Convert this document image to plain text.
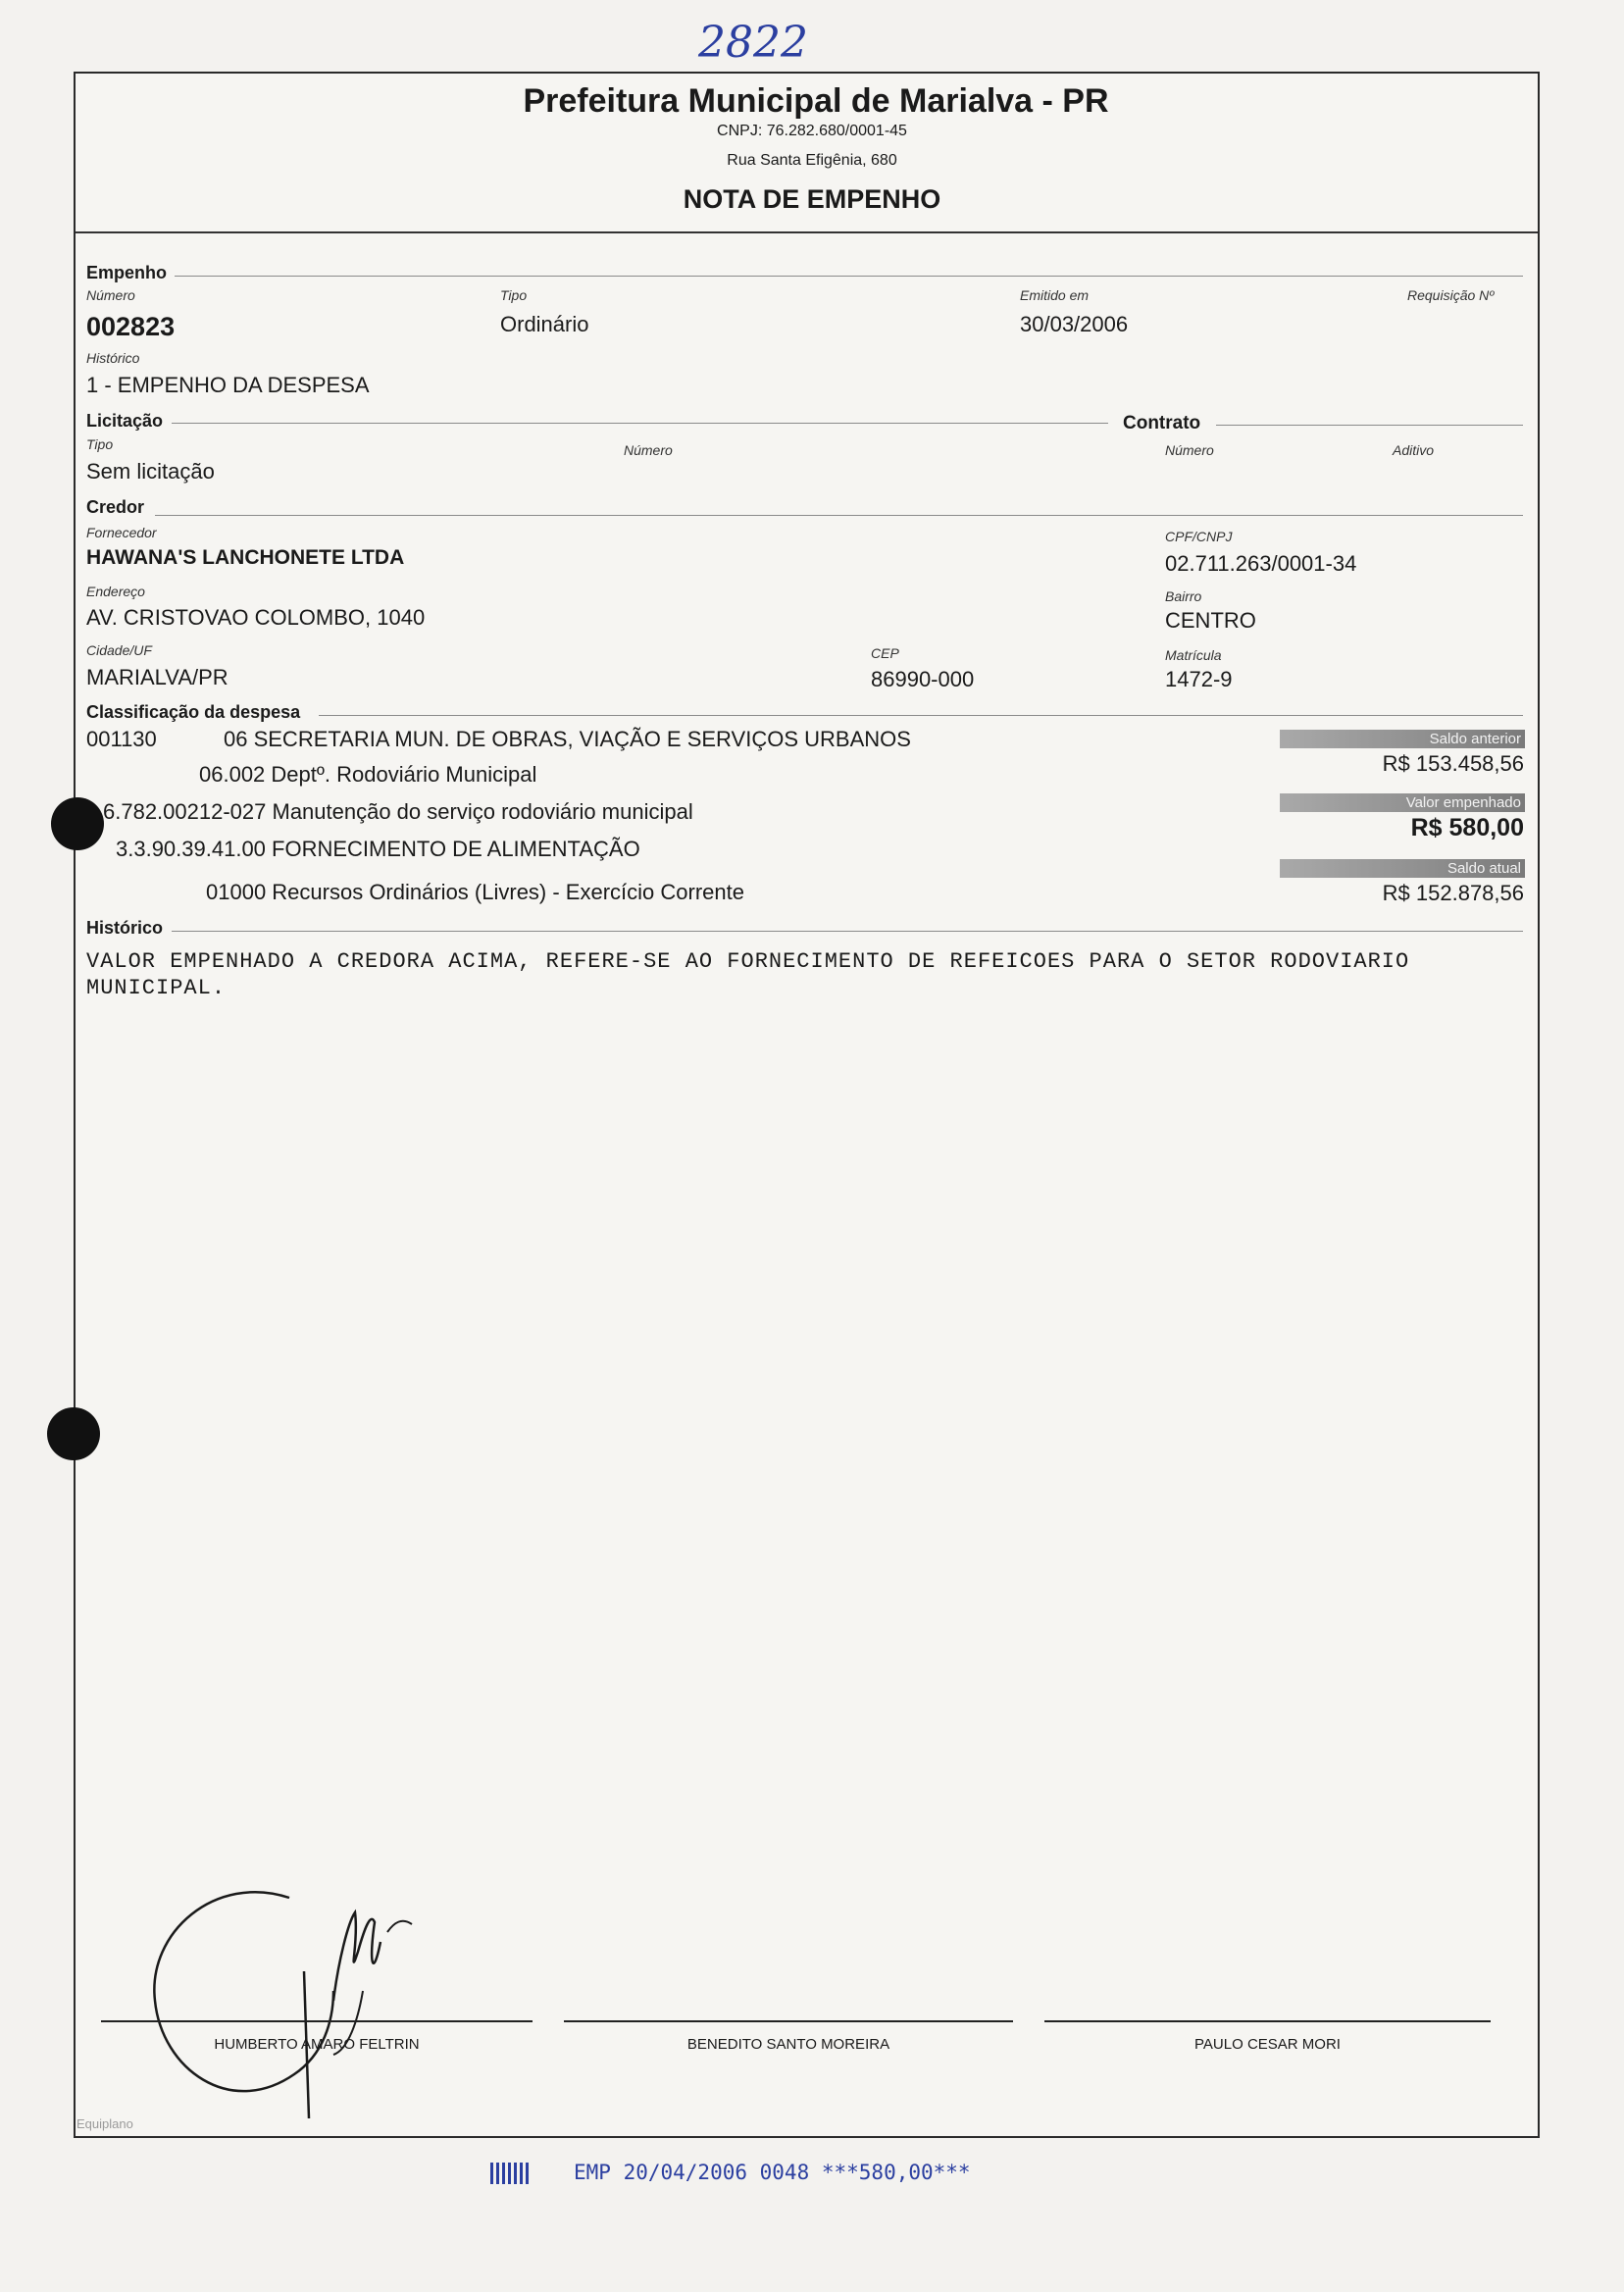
2822
Prefeitura Municipal de Marialva - PR
CNPJ: 76.282.680/0001-45
Rua Santa Efigênia, 680
NOTA DE EMPENHO
Empenho
Número
002823
Tipo
Ordinário
Emitido em
30/03/2006
Requisição Nº
Histórico
1 - EMPENHO DA DESPESA
Licitação
Tipo
Sem licitação
Número
Contrato
Número	Aditivo
Credor
Fornecedor
HAWANA'S LANCHONETE LTDA
CPF/CNPJ
02.711.263/0001-34
Endereço
AV. CRISTOVAO COLOMBO, 1040
Bairro
CENTRO
Cidade/UF
MARIALVA/PR
CEP
86990-000
Matrícula
1472-9
Classificação da despesa
001130	06 SECRETARIA MUN. DE OBRAS, VIAÇÃO E SERVIÇOS URBANOS
06.002 Deptº. Rodoviário Municipal
6.782.00212-027 Manutenção do serviço rodoviário municipal
3.3.90.39.41.00 FORNECIMENTO DE ALIMENTAÇÃO
01000 Recursos Ordinários (Livres) - Exercício Corrente
Saldo anterior
R$ 153.458,56
Valor empenhado
R$ 580,00
Saldo atual
R$ 152.878,56
Histórico
VALOR EMPENHADO A CREDORA ACIMA, REFERE-SE AO FORNECIMENTO DE REFEICOES PARA O SETOR RODOVIARIO
MUNICIPAL.
HUMBERTO AMARO FELTRIN	BENEDITO SANTO MOREIRA	PAULO CESAR MORI
Equiplano
EMP 20/04/2006 0048 ***580,00***
